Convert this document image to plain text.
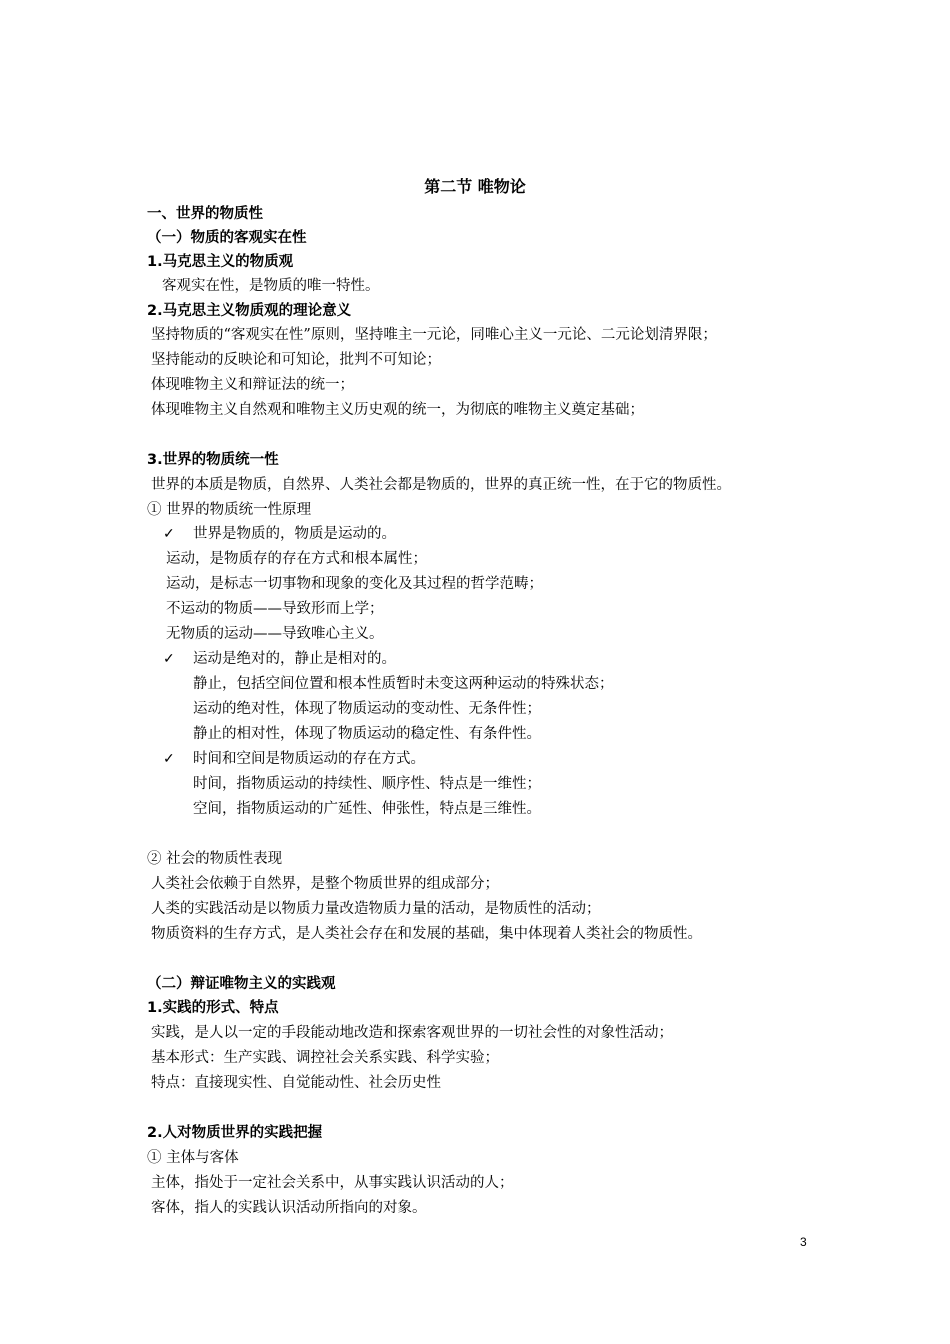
第二节 唯物论
一、世界的物质性
（一）物质的客观实在性
1.马克思主义的物质观
客观实在性，是物质的唯一特性。
2.马克思主义物质观的理论意义
坚持物质的“客观实在性”原则，坚持唯主一元论，同唯心主义一元论、二元论划清界限；
坚持能动的反映论和可知论，批判不可知论；
体现唯物主义和辩证法的统一；
体现唯物主义自然观和唯物主义历史观的统一，为彻底的唯物主义奠定基础；
3.世界的物质统一性
世界的本质是物质，自然界、人类社会都是物质的，世界的真正统一性，在于它的物质性。
① 世界的物质统一性原理
✓ 世界是物质的，物质是运动的。
运动，是物质存的存在方式和根本属性；
运动，是标志一切事物和现象的变化及其过程的哲学范畴；
不运动的物质——导致形而上学；
无物质的运动——导致唯心主义。
✓ 运动是绝对的，静止是相对的。
静止，包括空间位置和根本性质暂时未变这两种运动的特殊状态；
运动的绝对性，体现了物质运动的变动性、无条件性；
静止的相对性，体现了物质运动的稳定性、有条件性。
✓ 时间和空间是物质运动的存在方式。
时间，指物质运动的持续性、顺序性、特点是一维性；
空间，指物质运动的广延性、伸张性，特点是三维性。
② 社会的物质性表现
人类社会依赖于自然界，是整个物质世界的组成部分；
人类的实践活动是以物质力量改造物质力量的活动，是物质性的活动；
物质资料的生存方式，是人类社会存在和发展的基础，集中体现着人类社会的物质性。
（二）辩证唯物主义的实践观
1.实践的形式、特点
实践，是人以一定的手段能动地改造和探索客观世界的一切社会性的对象性活动；
基本形式：生产实践、调控社会关系实践、科学实验；
特点：直接现实性、自觉能动性、社会历史性
2.人对物质世界的实践把握
① 主体与客体
主体，指处于一定社会关系中，从事实践认识活动的人；
客体，指人的实践认识活动所指向的对象。
3
